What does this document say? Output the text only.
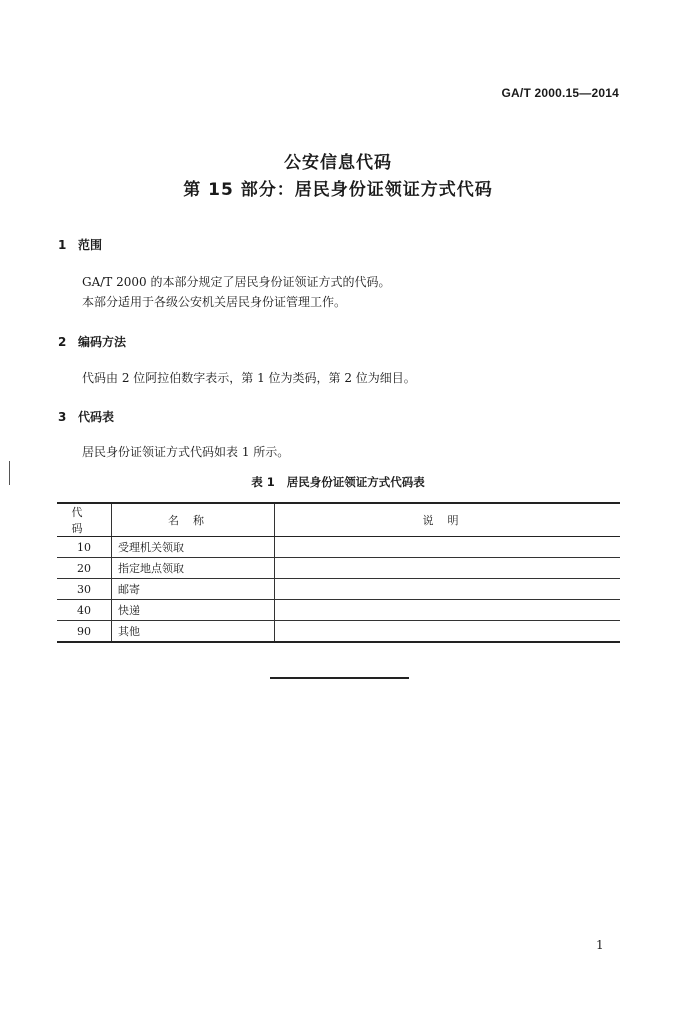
GA/T 2000.15—2014
公安信息代码
第 15 部分：居民身份证领证方式代码
1 范围
GA/T 2000 的本部分规定了居民身份证领证方式的代码。
本部分适用于各级公安机关居民身份证管理工作。
2 编码方法
代码由 2 位阿拉伯数字表示，第 1 位为类码，第 2 位为细目。
3 代码表
居民身份证领证方式代码如表 1 所示。
表 1 居民身份证领证方式代码表
代码	名称	说明
10	受理机关领取	
20	指定地点领取	
30	邮寄	
40	快递	
90	其他	
1
